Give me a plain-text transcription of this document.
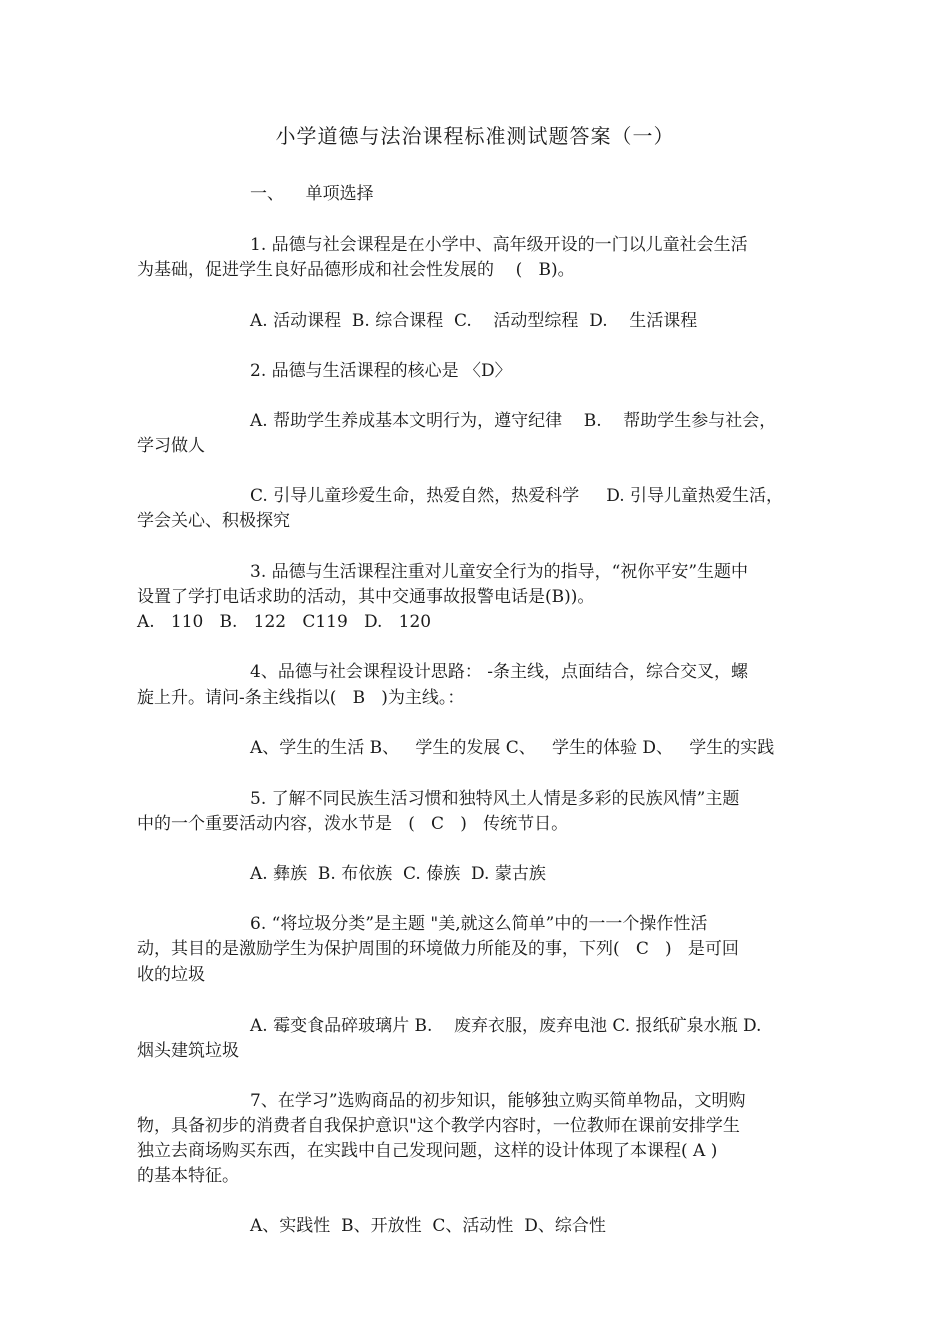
小学道德与法治课程标准测试题答案（一）
一、    单项选择
1. 品德与社会课程是在小学中、高年级开设的一门以儿童社会生活
为基础，促进学生良好品德形成和社会性发展的    (   B)。
A. 活动课程  B. 综合课程  C.    活动型综程  D.    生活课程
2. 品德与生活课程的核心是 〈D〉
A. 帮助学生养成基本文明行为，遵守纪律    B.    帮助学生参与社会，
学习做人
C. 引导儿童珍爱生命，热爱自然，热爱科学     D. 引导儿童热爱生活，
学会关心、积极探究
3. 品德与生活课程注重对儿童安全行为的指导，“祝你平安”生题中
设置了学打电话求助的活动，其中交通事故报警电话是(B))。
A.   110   B.   122   C119   D.   120
4、品德与社会课程设计思路： -条主线，点面结合，综合交叉，螺
旋上升。请问-条主线指以(   B   )为主线。：
A、学生的生活 B、   学生的发展 C、   学生的体验 D、   学生的实践
5. 了解不同民族生活习惯和独特风土人情是多彩的民族风情”主题
中的一个重要活动内容，泼水节是   (   C   )   传统节日。
A. 彝族  B. 布依族  C. 傣族  D. 蒙古族
6. “将垃圾分类”是主题 "美,就这么简单”中的一一个操作性活
动，其目的是激励学生为保护周围的环境做力所能及的事，下列(   C   )   是可回
收的垃圾
A. 霉变食品碎玻璃片 B.    废弃衣服，废弃电池 C. 报纸矿泉水瓶 D.
烟头建筑垃圾
7、在学习”选购商品的初步知识，能够独立购买简单物品，文明购
物，具备初步的消费者自我保护意识"这个教学内容时，一位教师在课前安排学生
独立去商场购买东西，在实践中自己发现问题，这样的设计体现了本课程( A )
的基本特征。
A、实践性  B、开放性  C、活动性  D、综合性
